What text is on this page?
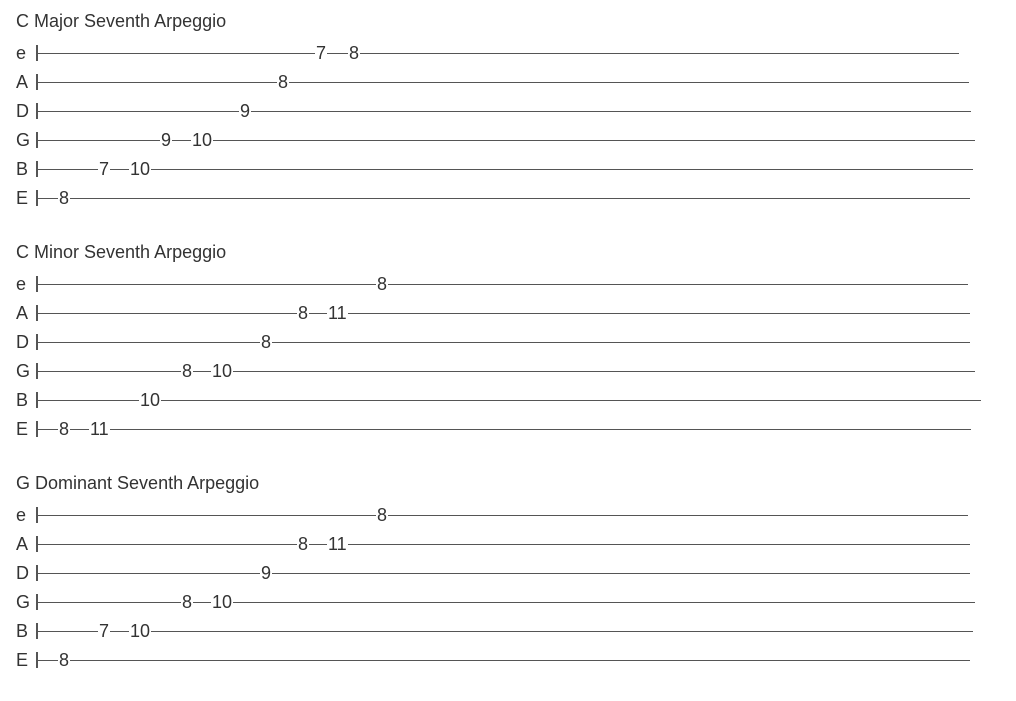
C Major Seventh Arpeggio
e	7 8
A	8
D	9
G	9 10
B	7 10
E 8
C Minor Seventh Arpeggio
e	8
A	8 11
D	8
G	8 10
B	10
E 8 11
G Dominant Seventh Arpeggio
e	8
A	8 11
D	9
G	8 10
B	7 10
E 8
